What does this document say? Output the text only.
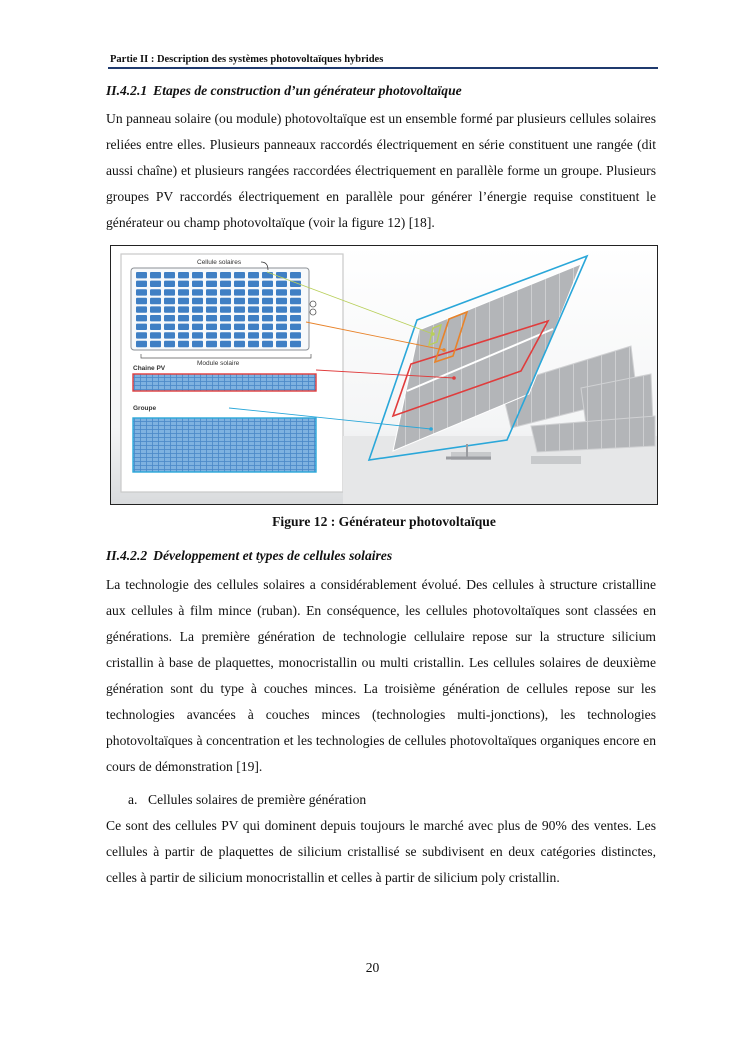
Partie II : Description des systèmes photovoltaïques hybrides
II.4.2.1 Etapes de construction d’un générateur photovoltaïque
Un panneau solaire (ou module) photovoltaïque est un ensemble formé par plusieurs cellules solaires reliées entre elles. Plusieurs panneaux raccordés électriquement en série constituent une rangée (dit aussi chaîne) et plusieurs rangées raccordées électriquement en parallèle forme un groupe. Plusieurs groupes PV raccordés électriquement en parallèle pour générer l’énergie requise constituent le générateur ou champ photovoltaïque (voir la figure 12) [18].
Cellule solaires
Module solaire
Chaine PV
Groupe
Figure 12 : Générateur photovoltaïque
II.4.2.2 Développement et types de cellules solaires
La technologie des cellules solaires a considérablement évolué. Des cellules à structure cristalline aux cellules à film mince (ruban). En conséquence, les cellules photovoltaïques sont classées en générations. La première génération de technologie cellulaire repose sur la structure silicium cristallin à base de plaquettes, monocristallin ou multi cristallin. Les cellules solaires de deuxième génération sont du type à couches minces. La troisième génération de cellules repose sur les technologies avancées à couches minces (technologies multi-jonctions), les technologies photovoltaïques à concentration et les technologies de cellules photovoltaïques organiques encore en cours de démonstration [19].
a. Cellules solaires de première génération
Ce sont des cellules PV qui dominent depuis toujours le marché avec plus de 90% des ventes. Les cellules à partir de plaquettes de silicium cristallisé se subdivisent en deux catégories distinctes, celles à partir de silicium monocristallin et celles à partir de silicium poly cristallin.
20
